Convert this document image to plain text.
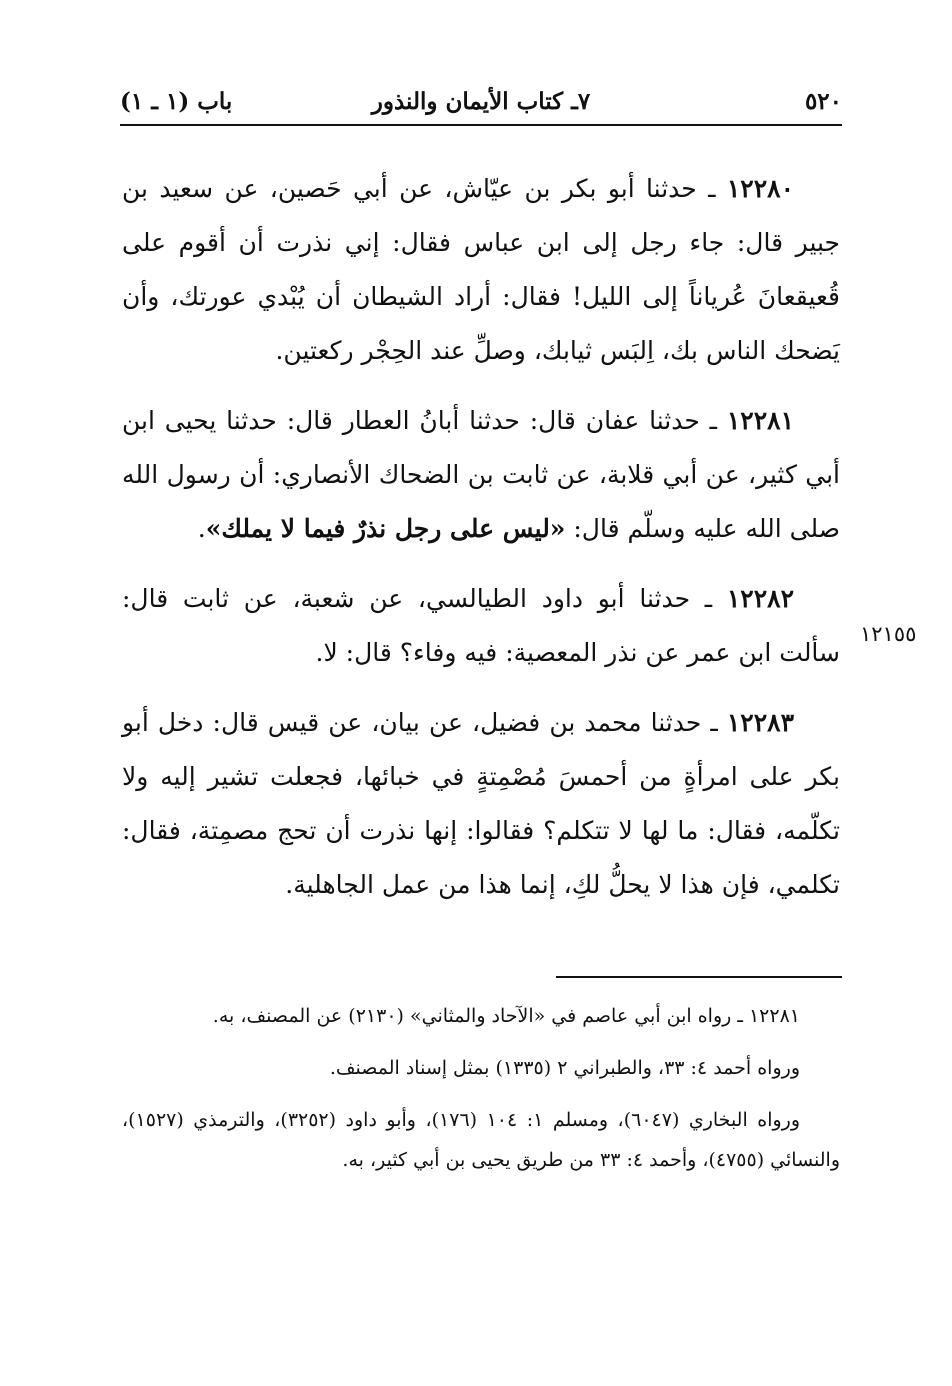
٥٢٠
٧ـ كتاب الأيمان والنذور
باب (١ ـ ١)

١٢٢٨٠ ـ حدثنا أبو بكر بن عيّاش، عن أبي حَصين، عن سعيد بن جبير قال: جاء رجل إلى ابن عباس فقال: إني نذرت أن أقوم على قُعيقعانَ عُرياناً إلى الليل! فقال: أراد الشيطان أن يُبْدي عورتك، وأن يَضحك الناس بك، اِلبَس ثيابك، وصلِّ عند الحِجْر ركعتين.

١٢٢٨١ ـ حدثنا عفان قال: حدثنا أبانُ العطار قال: حدثنا يحيى ابن أبي كثير، عن أبي قلابة، عن ثابت بن الضحاك الأنصاري: أن رسول الله صلى الله عليه وسلّم قال: «ليس على رجل نذرٌ فيما لا يملك».

١٢٢٨٢ ـ حدثنا أبو داود الطيالسي، عن شعبة، عن ثابت قال: سألت ابن عمر عن نذر المعصية: فيه وفاء؟ قال: لا.

١٢٢٨٣ ـ حدثنا محمد بن فضيل، عن بيان، عن قيس قال: دخل أبو بكر على امرأةٍ من أحمسَ مُصْمِتةٍ في خبائها، فجعلت تشير إليه ولا تكلّمه، فقال: ما لها لا تتكلم؟ فقالوا: إنها نذرت أن تحج مصمِتة، فقال: تكلمي، فإن هذا لا يحلُّ لكِ، إنما هذا من عمل الجاهلية.

١٢١٥٥

١٢٢٨١ ـ رواه ابن أبي عاصم في «الآحاد والمثاني» (٢١٣٠) عن المصنف، به.

ورواه أحمد ٤: ٣٣، والطبراني ٢ (١٣٣٥) بمثل إسناد المصنف.

ورواه البخاري (٦٠٤٧)، ومسلم ١: ١٠٤ (١٧٦)، وأبو داود (٣٢٥٢)، والترمذي (١٥٢٧)، والنسائي (٤٧٥٥)، وأحمد ٤: ٣٣ من طريق يحيى بن أبي كثير، به.
